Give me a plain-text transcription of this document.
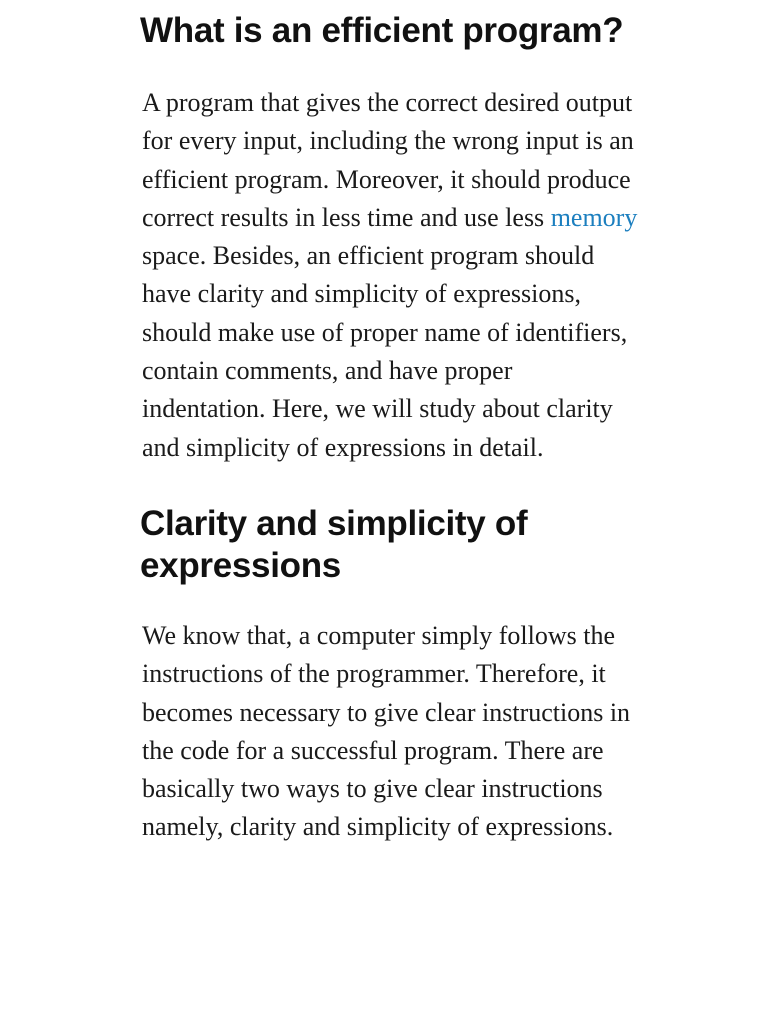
What is an efficient program?

A program that gives the correct desired output for every input, including the wrong input is an efficient program. Moreover, it should produce correct results in less time and use less memory space. Besides, an efficient program should have clarity and simplicity of expressions, should make use of proper name of identifiers, contain comments, and have proper indentation. Here, we will study about clarity and simplicity of expressions in detail.

Clarity and simplicity of expressions

We know that, a computer simply follows the instructions of the programmer. Therefore, it becomes necessary to give clear instructions in the code for a successful program. There are basically two ways to give clear instructions namely, clarity and simplicity of expressions.
